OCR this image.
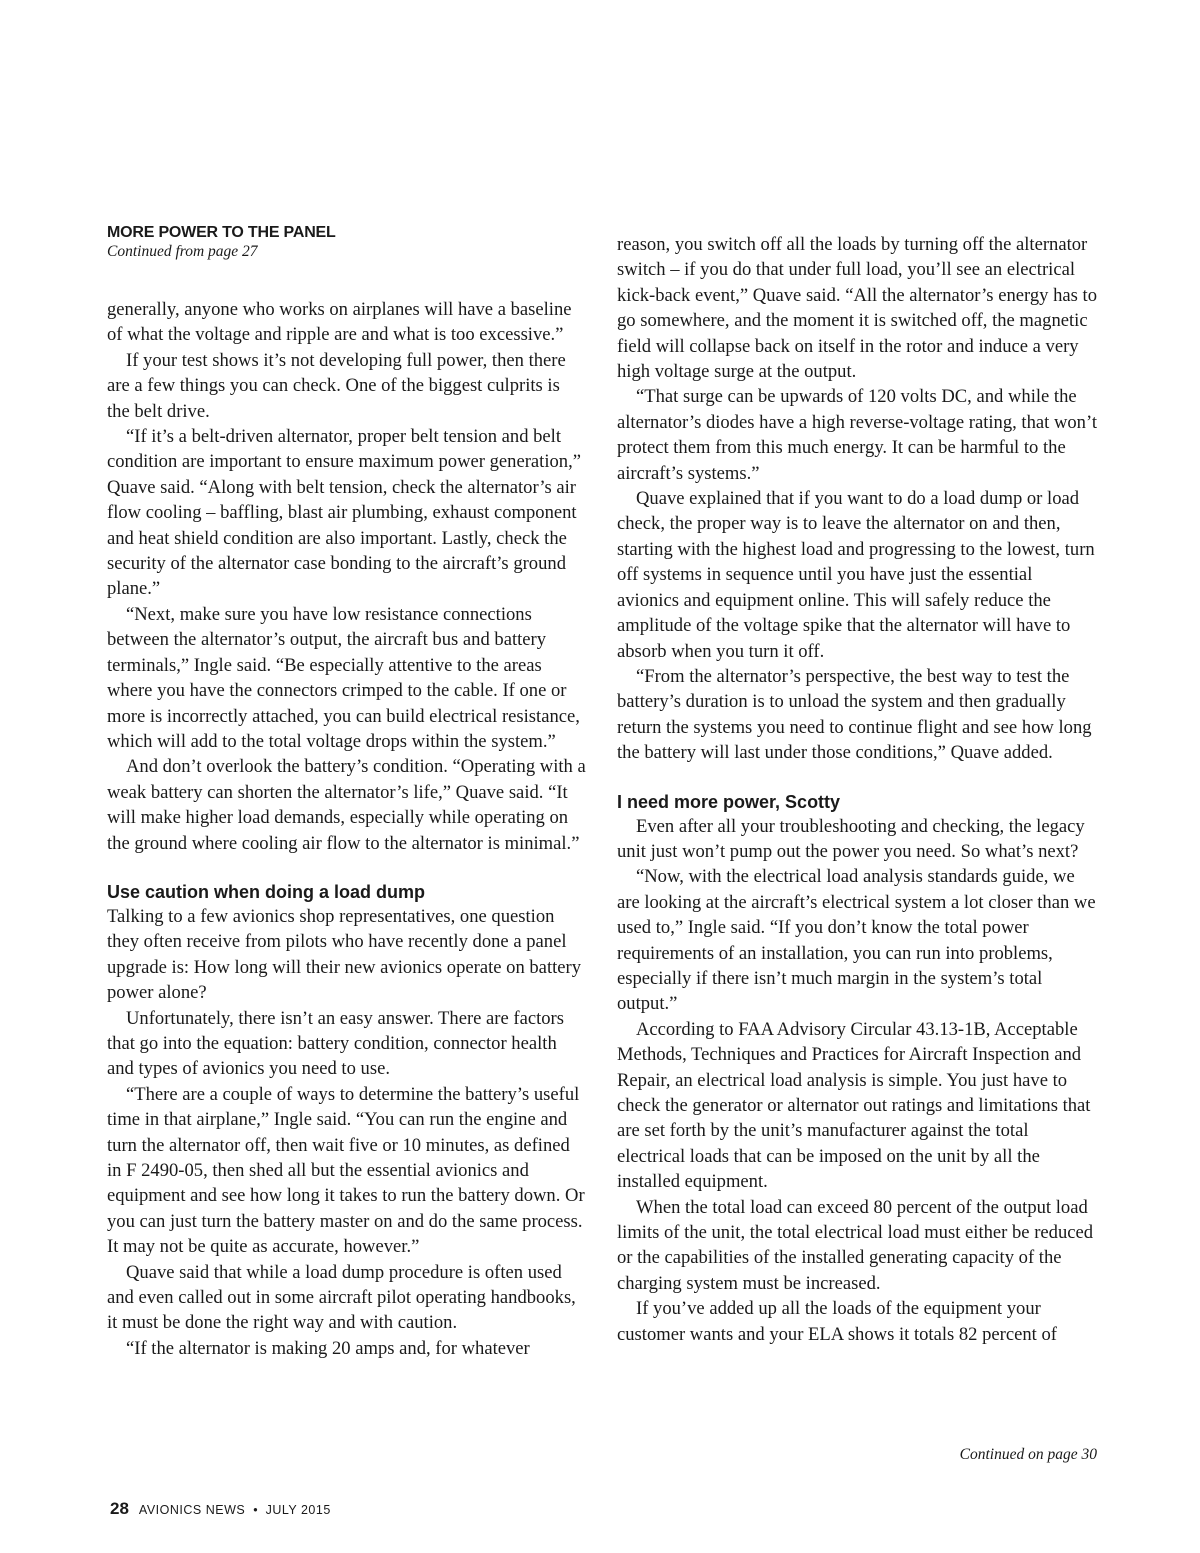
MORE POWER TO THE PANEL

Continued from page 27

generally, anyone who works on airplanes will have a baseline of what the voltage and ripple are and what is too excessive.”

If your test shows it’s not developing full power, then there are a few things you can check. One of the biggest culprits is the belt drive.

“If it’s a belt-driven alternator, proper belt tension and belt condition are important to ensure maximum power generation,” Quave said. “Along with belt tension, check the alternator’s air flow cooling – baffling, blast air plumbing, exhaust component and heat shield condition are also important. Lastly, check the security of the alternator case bonding to the aircraft’s ground plane.”

“Next, make sure you have low resistance connections between the alternator’s output, the aircraft bus and battery terminals,” Ingle said. “Be especially attentive to the areas where you have the connectors crimped to the cable. If one or more is incorrectly attached, you can build electrical resistance, which will add to the total voltage drops within the system.”

And don’t overlook the battery’s condition. “Operating with a weak battery can shorten the alternator’s life,” Quave said. “It will make higher load demands, especially while operating on the ground where cooling air flow to the alternator is minimal.”

Use caution when doing a load dump

Talking to a few avionics shop representatives, one question they often receive from pilots who have recently done a panel upgrade is: How long will their new avionics operate on battery power alone?

Unfortunately, there isn’t an easy answer. There are factors that go into the equation: battery condition, connector health and types of avionics you need to use.

“There are a couple of ways to determine the battery’s useful time in that airplane,” Ingle said. “You can run the engine and turn the alternator off, then wait five or 10 minutes, as defined in F 2490-05, then shed all but the essential avionics and equipment and see how long it takes to run the battery down. Or you can just turn the battery master on and do the same process. It may not be quite as accurate, however.”

Quave said that while a load dump procedure is often used and even called out in some aircraft pilot operating handbooks, it must be done the right way and with caution.

“If the alternator is making 20 amps and, for whatever

reason, you switch off all the loads by turning off the alternator switch – if you do that under full load, you’ll see an electrical kick-back event,” Quave said. “All the alternator’s energy has to go somewhere, and the moment it is switched off, the magnetic field will collapse back on itself in the rotor and induce a very high voltage surge at the output.

“That surge can be upwards of 120 volts DC, and while the alternator’s diodes have a high reverse-voltage rating, that won’t protect them from this much energy. It can be harmful to the aircraft’s systems.”

Quave explained that if you want to do a load dump or load check, the proper way is to leave the alternator on and then, starting with the highest load and progressing to the lowest, turn off systems in sequence until you have just the essential avionics and equipment online. This will safely reduce the amplitude of the voltage spike that the alternator will have to absorb when you turn it off.

“From the alternator’s perspective, the best way to test the battery’s duration is to unload the system and then gradually return the systems you need to continue flight and see how long the battery will last under those conditions,” Quave added.

I need more power, Scotty

Even after all your troubleshooting and checking, the legacy unit just won’t pump out the power you need. So what’s next?

“Now, with the electrical load analysis standards guide, we are looking at the aircraft’s electrical system a lot closer than we used to,” Ingle said. “If you don’t know the total power requirements of an installation, you can run into problems, especially if there isn’t much margin in the system’s total output.”

According to FAA Advisory Circular 43.13-1B, Acceptable Methods, Techniques and Practices for Aircraft Inspection and Repair, an electrical load analysis is simple. You just have to check the generator or alternator out ratings and limitations that are set forth by the unit’s manufacturer against the total electrical loads that can be imposed on the unit by all the installed equipment.

When the total load can exceed 80 percent of the output load limits of the unit, the total electrical load must either be reduced or the capabilities of the installed generating capacity of the charging system must be increased.

If you’ve added up all the loads of the equipment your customer wants and your ELA shows it totals 82 percent of

Continued on page 30
28 AVIONICS NEWS • JULY 2015
